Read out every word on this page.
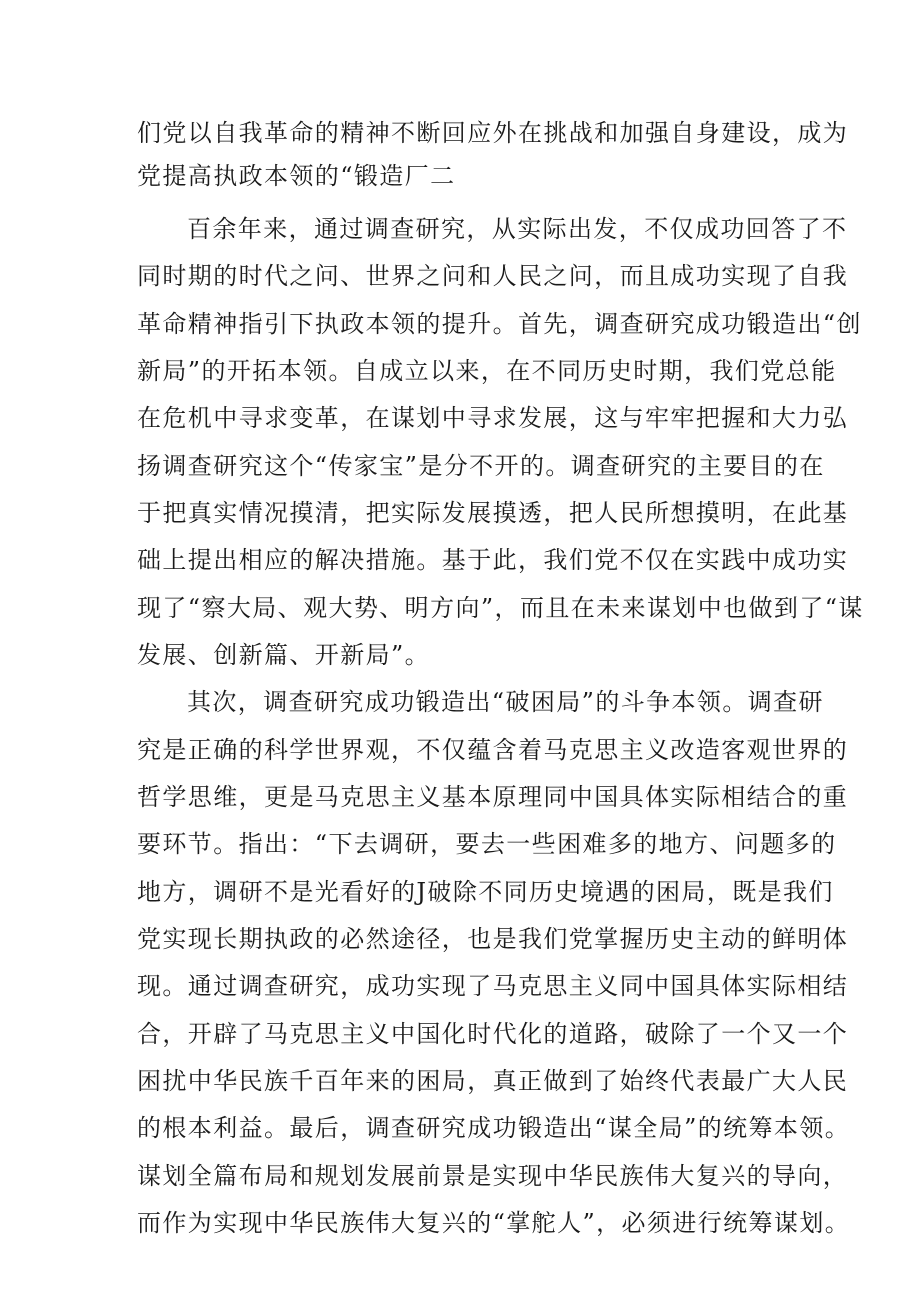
们党以自我革命的精神不断回应外在挑战和加强自身建设，成为
党提高执政本领的“锻造厂二
百余年来，通过调查研究，从实际出发，不仅成功回答了不
同时期的时代之问、世界之问和人民之问，而且成功实现了自我
革命精神指引下执政本领的提升。首先，调查研究成功锻造出“创
新局”的开拓本领。自成立以来，在不同历史时期，我们党总能
在危机中寻求变革，在谋划中寻求发展，这与牢牢把握和大力弘
扬调查研究这个“传家宝”是分不开的。调查研究的主要目的在
于把真实情况摸清，把实际发展摸透，把人民所想摸明，在此基
础上提出相应的解决措施。基于此，我们党不仅在实践中成功实
现了“察大局、观大势、明方向”，而且在未来谋划中也做到了“谋
发展、创新篇、开新局”。
其次，调查研究成功锻造出“破困局”的斗争本领。调查研
究是正确的科学世界观，不仅蕴含着马克思主义改造客观世界的
哲学思维，更是马克思主义基本原理同中国具体实际相结合的重
要环节。指出：“下去调研，要去一些困难多的地方、问题多的
地方，调研不是光看好的J破除不同历史境遇的困局，既是我们
党实现长期执政的必然途径，也是我们党掌握历史主动的鲜明体
现。通过调查研究，成功实现了马克思主义同中国具体实际相结
合，开辟了马克思主义中国化时代化的道路，破除了一个又一个
困扰中华民族千百年来的困局，真正做到了始终代表最广大人民
的根本利益。最后，调查研究成功锻造出“谋全局”的统筹本领。
谋划全篇布局和规划发展前景是实现中华民族伟大复兴的导向，
而作为实现中华民族伟大复兴的“掌舵人”，必须进行统筹谋划。
